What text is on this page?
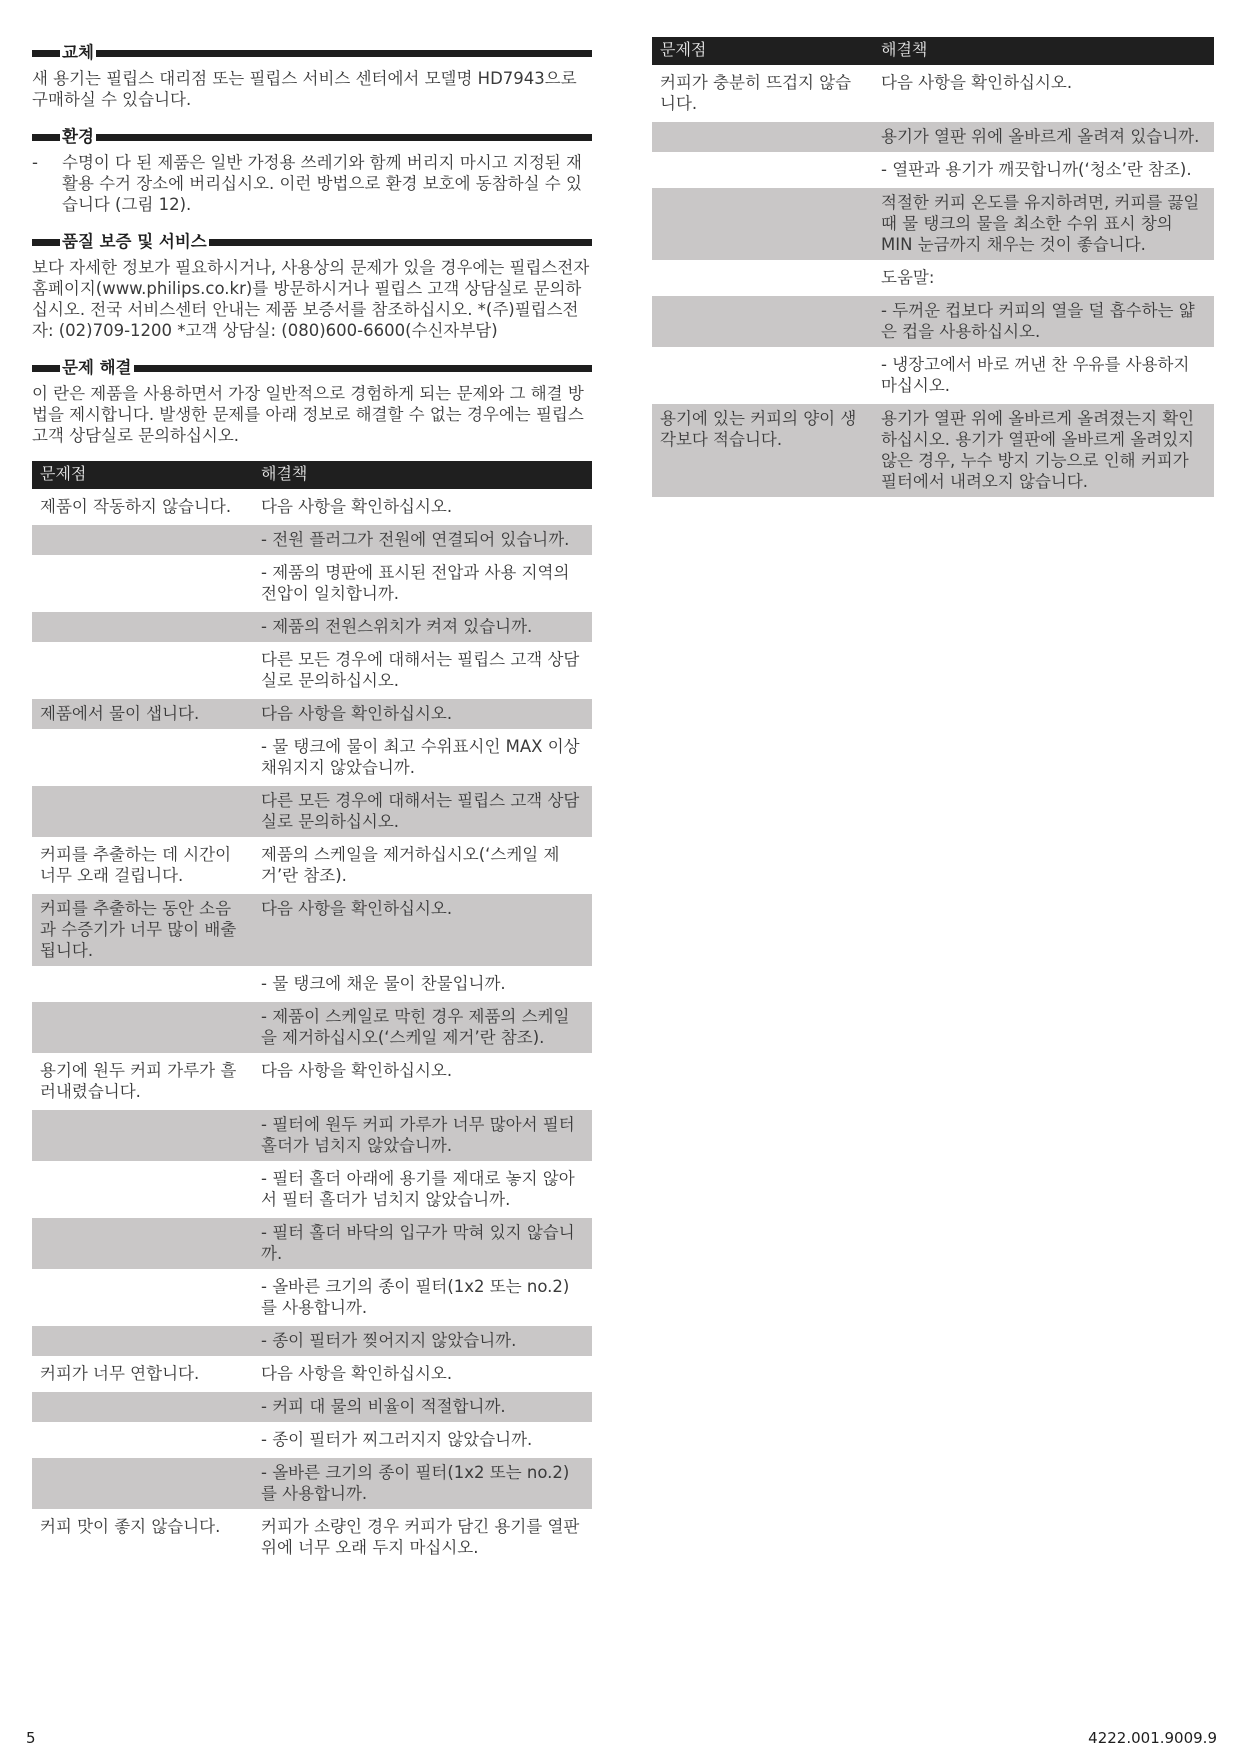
교체

새 용기는 필립스 대리점 또는 필립스 서비스 센터에서 모델명 HD7943으로 구매하실 수 있습니다.

환경
-	수명이 다 된 제품은 일반 가정용 쓰레기와 함께 버리지 마시고 지정된 재활용 수거 장소에 버리십시오. 이런 방법으로 환경 보호에 동참하실 수 있습니다 (그림 12).
품질 보증 및 서비스

보다 자세한 정보가 필요하시거나, 사용상의 문제가 있을 경우에는 필립스전자 홈페이지(www.philips.co.kr)를 방문하시거나 필립스 고객 상담실로 문의하십시오. 전국 서비스센터 안내는 제품 보증서를 참조하십시오. *(주)필립스전자: (02)709-1200 *고객 상담실: (080)600-6600(수신자부담)

문제 해결

이 란은 제품을 사용하면서 가장 일반적으로 경험하게 되는 문제와 그 해결 방법을 제시합니다. 발생한 문제를 아래 정보로 해결할 수 없는 경우에는 필립스 고객 상담실로 문의하십시오.

문제점	해결책
제품이 작동하지 않습니다.	다음 사항을 확인하십시오.
	- 전원 플러그가 전원에 연결되어 있습니까.
	- 제품의 명판에 표시된 전압과 사용 지역의 전압이 일치합니까.
	- 제품의 전원스위치가 켜져 있습니까.
	다른 모든 경우에 대해서는 필립스 고객 상담실로 문의하십시오.
제품에서 물이 샙니다.	다음 사항을 확인하십시오.
	- 물 탱크에 물이 최고 수위표시인 MAX 이상 채워지지 않았습니까.
	다른 모든 경우에 대해서는 필립스 고객 상담실로 문의하십시오.
커피를 추출하는 데 시간이 너무 오래 걸립니다.	제품의 스케일을 제거하십시오(‘스케일 제거’란 참조).
커피를 추출하는 동안 소음과 수증기가 너무 많이 배출됩니다.	다음 사항을 확인하십시오.
	- 물 탱크에 채운 물이 찬물입니까.
	- 제품이 스케일로 막힌 경우 제품의 스케일을 제거하십시오(‘스케일 제거’란 참조).
용기에 원두 커피 가루가 흘러내렸습니다.	다음 사항을 확인하십시오.
	- 필터에 원두 커피 가루가 너무 많아서 필터 홀더가 넘치지 않았습니까.
	- 필터 홀더 아래에 용기를 제대로 놓지 않아서 필터 홀더가 넘치지 않았습니까.
	- 필터 홀더 바닥의 입구가 막혀 있지 않습니까.
	- 올바른 크기의 종이 필터(1x2 또는 no.2)를 사용합니까.
	- 종이 필터가 찢어지지 않았습니까.
커피가 너무 연합니다.	다음 사항을 확인하십시오.
	- 커피 대 물의 비율이 적절합니까.
	- 종이 필터가 찌그러지지 않았습니까.
	- 올바른 크기의 종이 필터(1x2 또는 no.2)를 사용합니까.
커피 맛이 좋지 않습니다.	커피가 소량인 경우 커피가 담긴 용기를 열판 위에 너무 오래 두지 마십시오.
문제점	해결책
커피가 충분히 뜨겁지 않습니다.	다음 사항을 확인하십시오.
	용기가 열판 위에 올바르게 올려져 있습니까.
	- 열판과 용기가 깨끗합니까(‘청소’란 참조).
	적절한 커피 온도를 유지하려면, 커피를 끓일 때 물 탱크의 물을 최소한 수위 표시 창의 MIN 눈금까지 채우는 것이 좋습니다.
	도움말:
	- 두꺼운 컵보다 커피의 열을 덜 흡수하는 얇은 컵을 사용하십시오.
	- 냉장고에서 바로 꺼낸 찬 우유를 사용하지 마십시오.
용기에 있는 커피의 양이 생각보다 적습니다.	용기가 열판 위에 올바르게 올려졌는지 확인하십시오. 용기가 열판에 올바르게 올려있지 않은 경우, 누수 방지 기능으로 인해 커피가 필터에서 내려오지 않습니다.
5	4222.001.9009.9
